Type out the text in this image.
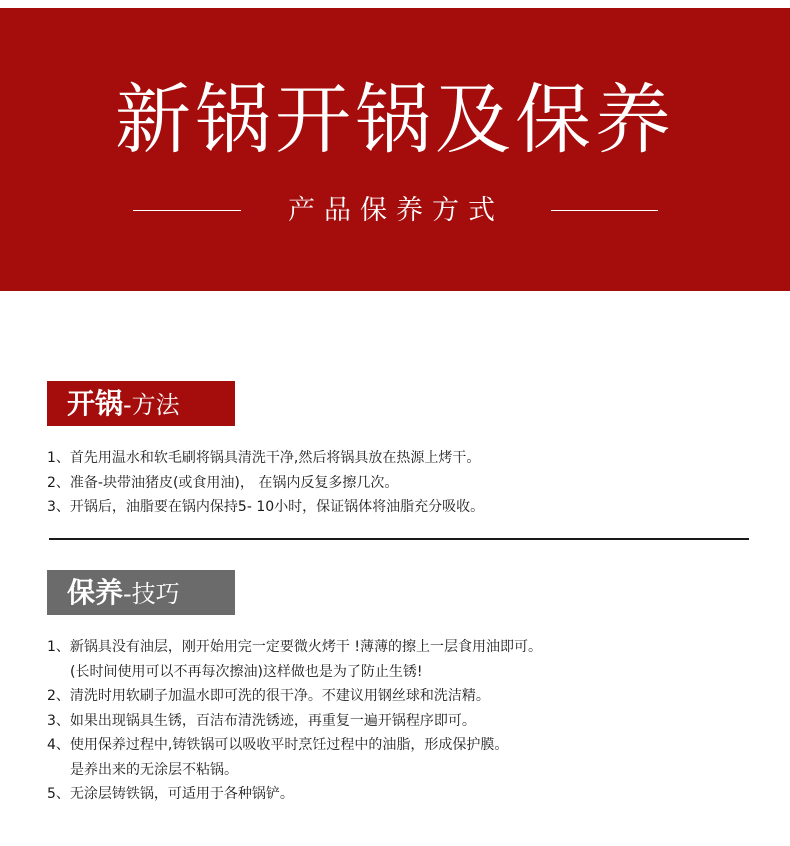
新锅开锅及保养
产品保养方式
开锅-方法
1、首先用温水和软毛刷将锅具清洗干净,然后将锅具放在热源上烤干。
2、准备-块带油猪皮(或食用油)， 在锅内反复多擦几次。
3、开锅后，油脂要在锅内保持5- 10小时，保证锅体将油脂充分吸收。
保养-技巧
1、新锅具没有油层，刚开始用完一定要微火烤干 !薄薄的擦上一层食用油即可。
(长时间使用可以不再每次擦油)这样做也是为了防止生锈!
2、清洗时用软刷子加温水即可洗的很干净。不建议用钢丝球和洗洁精。
3、如果出现锅具生锈，百洁布清洗锈迹，再重复一遍开锅程序即可。
4、使用保养过程中,铸铁锅可以吸收平时烹饪过程中的油脂，形成保护膜。
是养出来的无涂层不粘锅。
5、无涂层铸铁锅，可适用于各种锅铲。
